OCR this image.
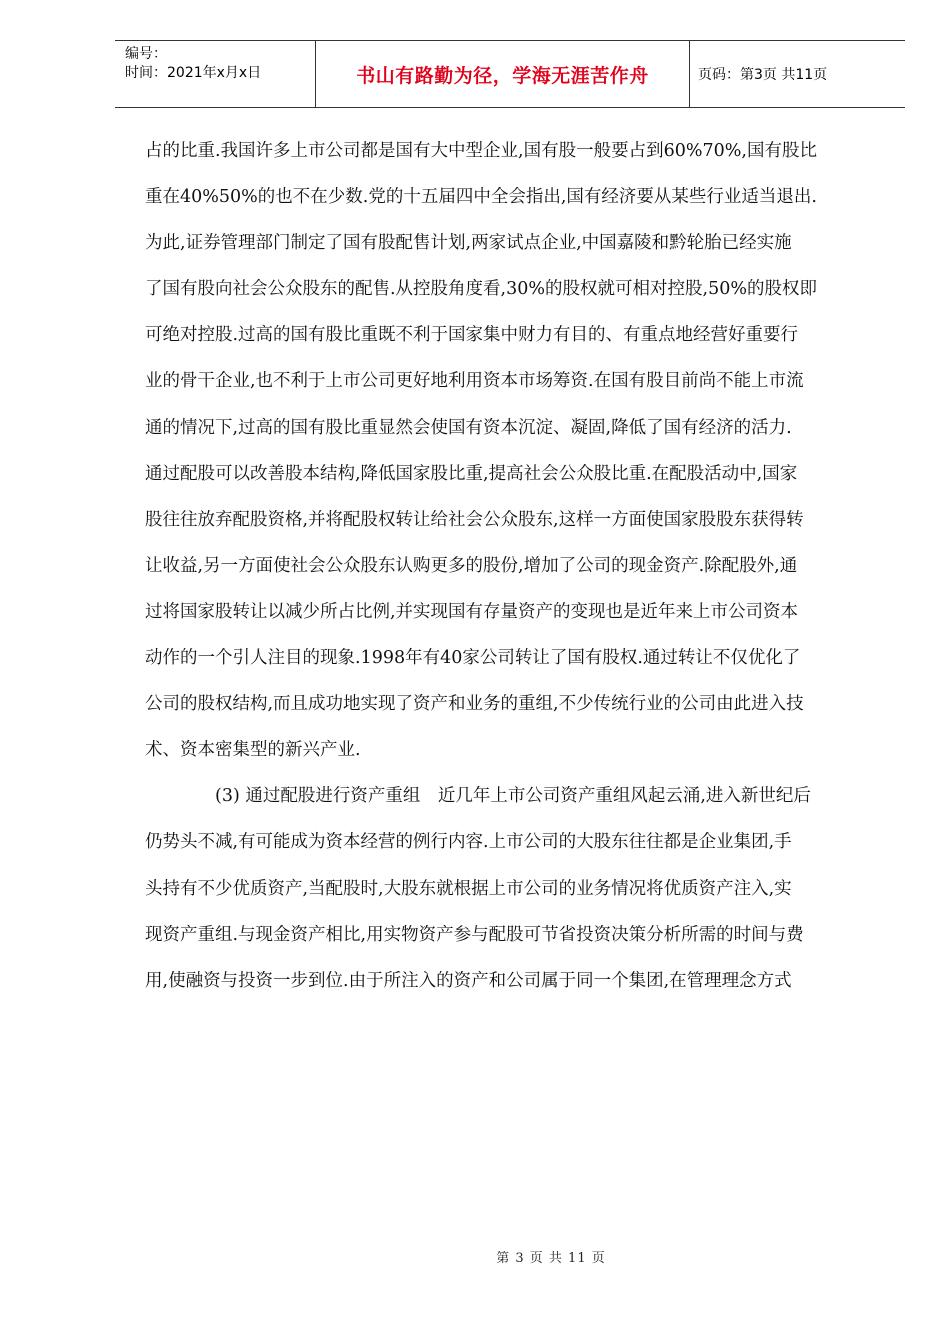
编号：
时间：2021年x月x日	书山有路勤为径，学海无涯苦作舟	页码：第3页 共11页
占的比重.我国许多上市公司都是国有大中型企业,国有股一般要占到60%70%,国有股比
重在40%50%的也不在少数.党的十五届四中全会指出,国有经济要从某些行业适当退出.
为此,证券管理部门制定了国有股配售计划,两家试点企业,中国嘉陵和黔轮胎已经实施
了国有股向社会公众股东的配售.从控股角度看,30%的股权就可相对控股,50%的股权即
可绝对控股.过高的国有股比重既不利于国家集中财力有目的、有重点地经营好重要行
业的骨干企业,也不利于上市公司更好地利用资本市场筹资.在国有股目前尚不能上市流
通的情况下,过高的国有股比重显然会使国有资本沉淀、凝固,降低了国有经济的活力.
通过配股可以改善股本结构,降低国家股比重,提高社会公众股比重.在配股活动中,国家
股往往放弃配股资格,并将配股权转让给社会公众股东,这样一方面使国家股股东获得转
让收益,另一方面使社会公众股东认购更多的股份,增加了公司的现金资产.除配股外,通
过将国家股转让以减少所占比例,并实现国有存量资产的变现也是近年来上市公司资本
动作的一个引人注目的现象.1998年有40家公司转让了国有股权.通过转让不仅优化了
公司的股权结构,而且成功地实现了资产和业务的重组,不少传统行业的公司由此进入技
术、资本密集型的新兴产业.
(3) 通过配股进行资产重组　近几年上市公司资产重组风起云涌,进入新世纪后
仍势头不减,有可能成为资本经营的例行内容.上市公司的大股东往往都是企业集团,手
头持有不少优质资产,当配股时,大股东就根据上市公司的业务情况将优质资产注入,实
现资产重组.与现金资产相比,用实物资产参与配股可节省投资决策分析所需的时间与费
用,使融资与投资一步到位.由于所注入的资产和公司属于同一个集团,在管理理念方式
第 3 页 共 11 页
